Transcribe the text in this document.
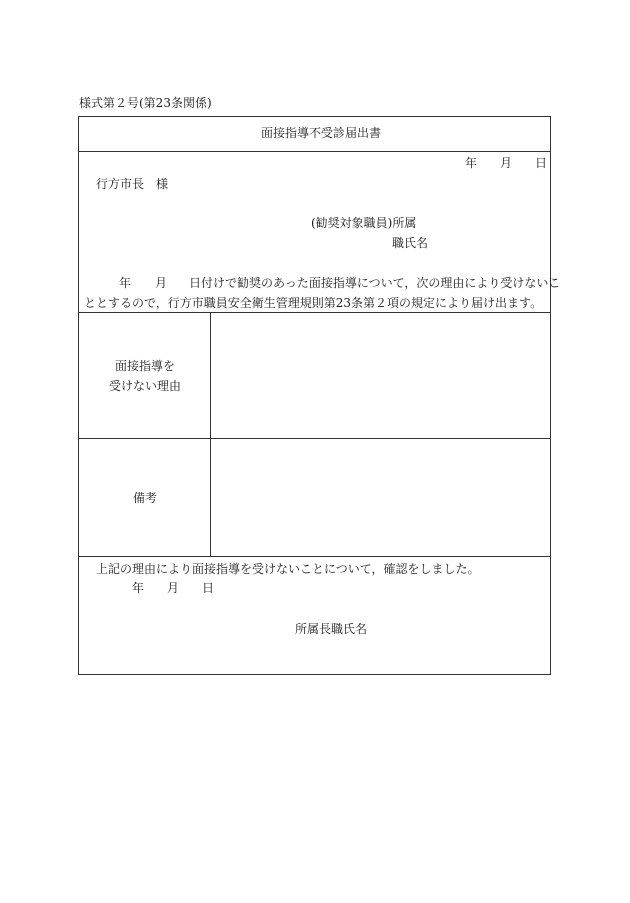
様式第２号(第23条関係)
面接指導不受診届出書
年 月 日
行方市長　様
(勧奨対象職員)所属
職氏名
年 月 日付けで勧奨のあった面接指導について，次の理由により受けないこ
ととするので，行方市職員安全衛生管理規則第23条第２項の規定により届け出ます。
面接指導を
受けない理由
備考
上記の理由により面接指導を受けないことについて，確認をしました。
年 月 日
所属長職氏名
